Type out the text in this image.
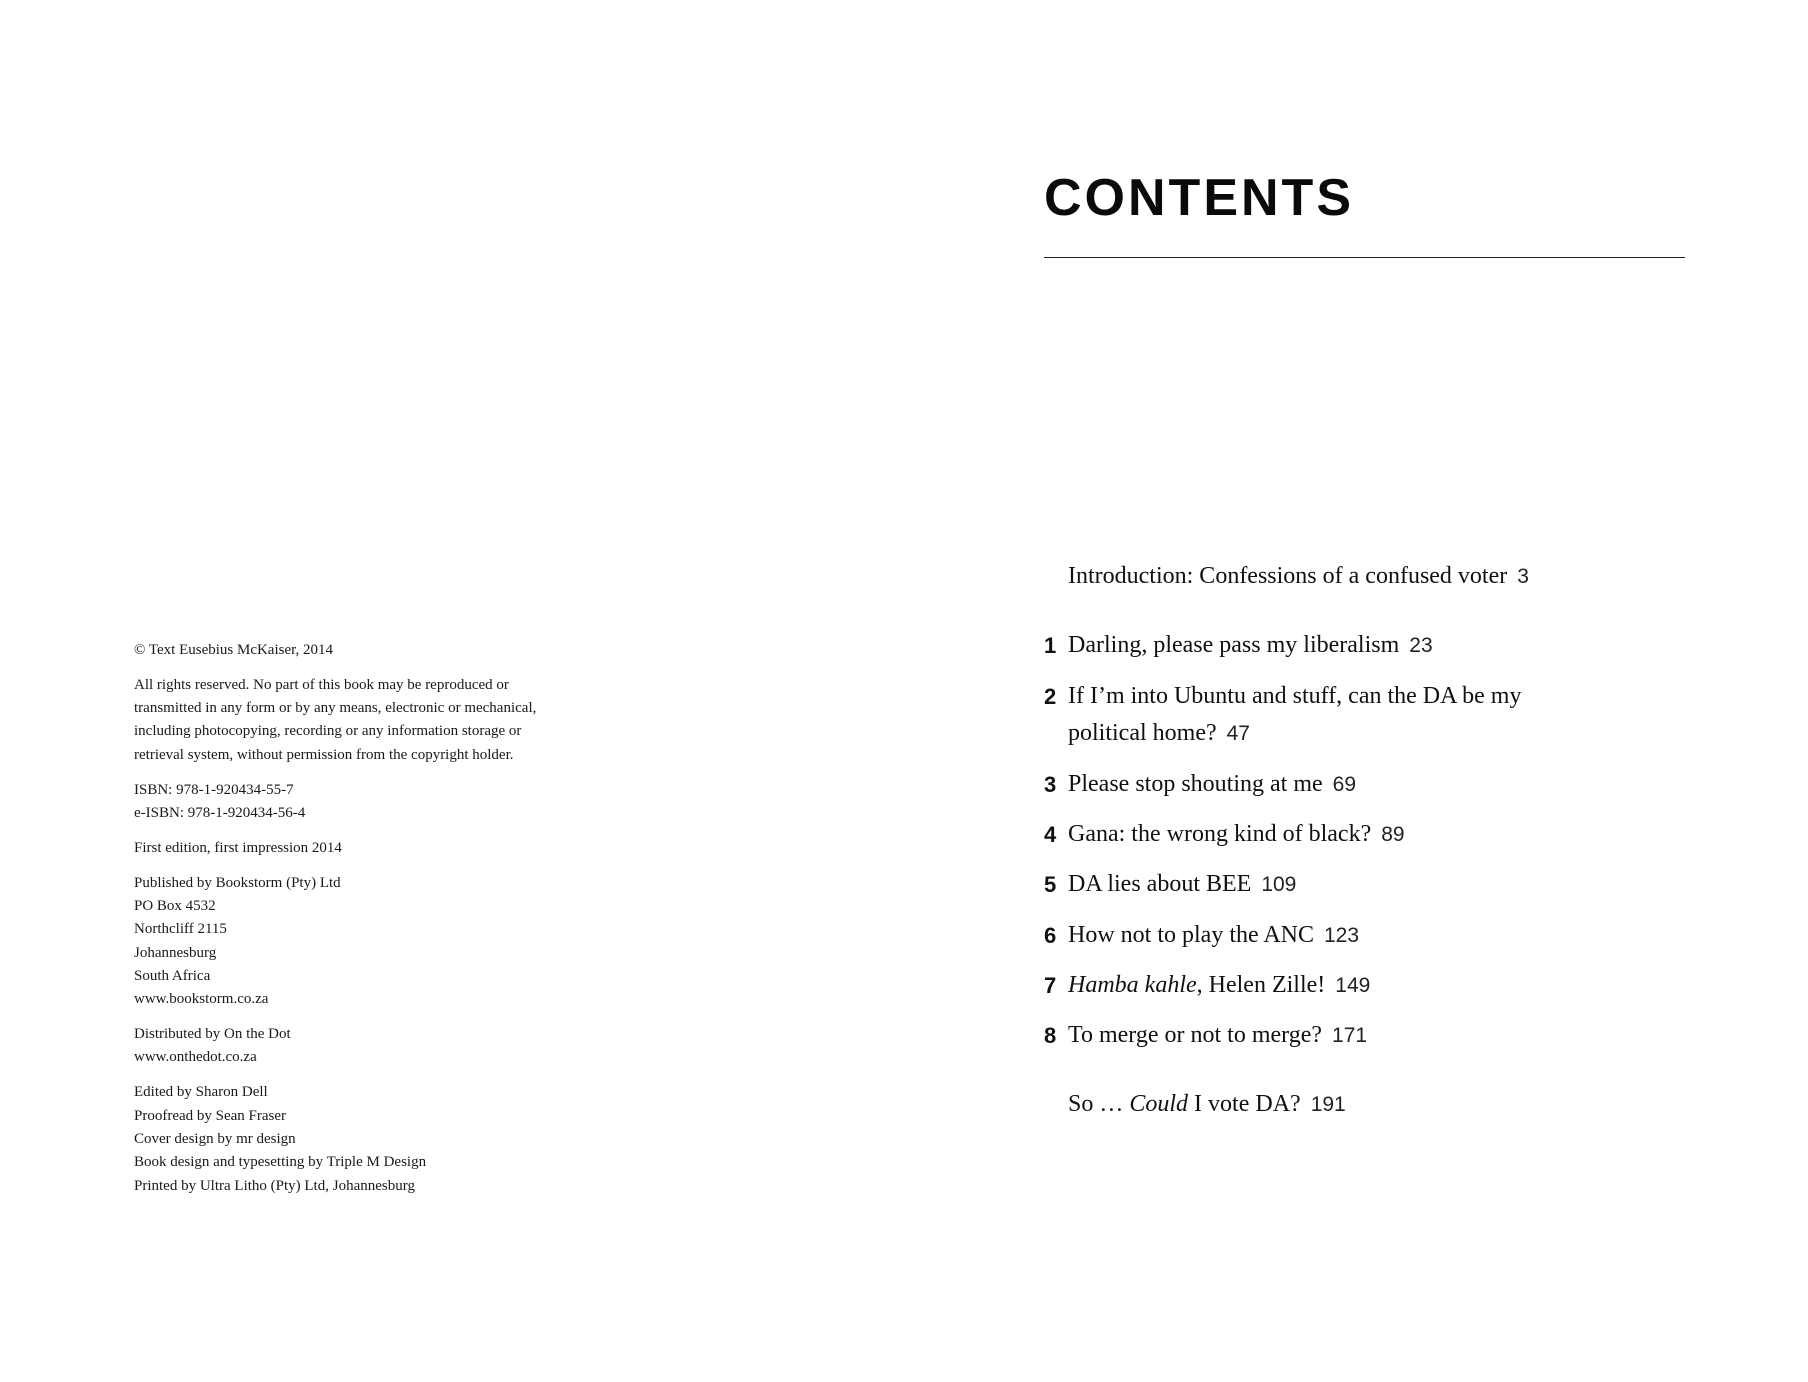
© Text Eusebius McKaiser, 2014
All rights reserved. No part of this book may be reproduced or
transmitted in any form or by any means, electronic or mechanical,
including photocopying, recording or any information storage or
retrieval system, without permission from the copyright holder.
ISBN: 978-1-920434-55-7
e-ISBN: 978-1-920434-56-4
First edition, first impression 2014
Published by Bookstorm (Pty) Ltd
PO Box 4532
Northcliff 2115
Johannesburg
South Africa
www.bookstorm.co.za
Distributed by On the Dot
www.onthedot.co.za
Edited by Sharon Dell
Proofread by Sean Fraser
Cover design by mr design
Book design and typesetting by Triple M Design
Printed by Ultra Litho (Pty) Ltd, Johannesburg
CONTENTS
Introduction: Confessions of a confused voter 3
1 Darling, please pass my liberalism 23
2 If I’m into Ubuntu and stuff, can the DA be my
political home? 47
3 Please stop shouting at me 69
4 Gana: the wrong kind of black? 89
5 DA lies about BEE 109
6 How not to play the ANC 123
7 Hamba kahle, Helen Zille! 149
8 To merge or not to merge? 171
So … Could I vote DA? 191
